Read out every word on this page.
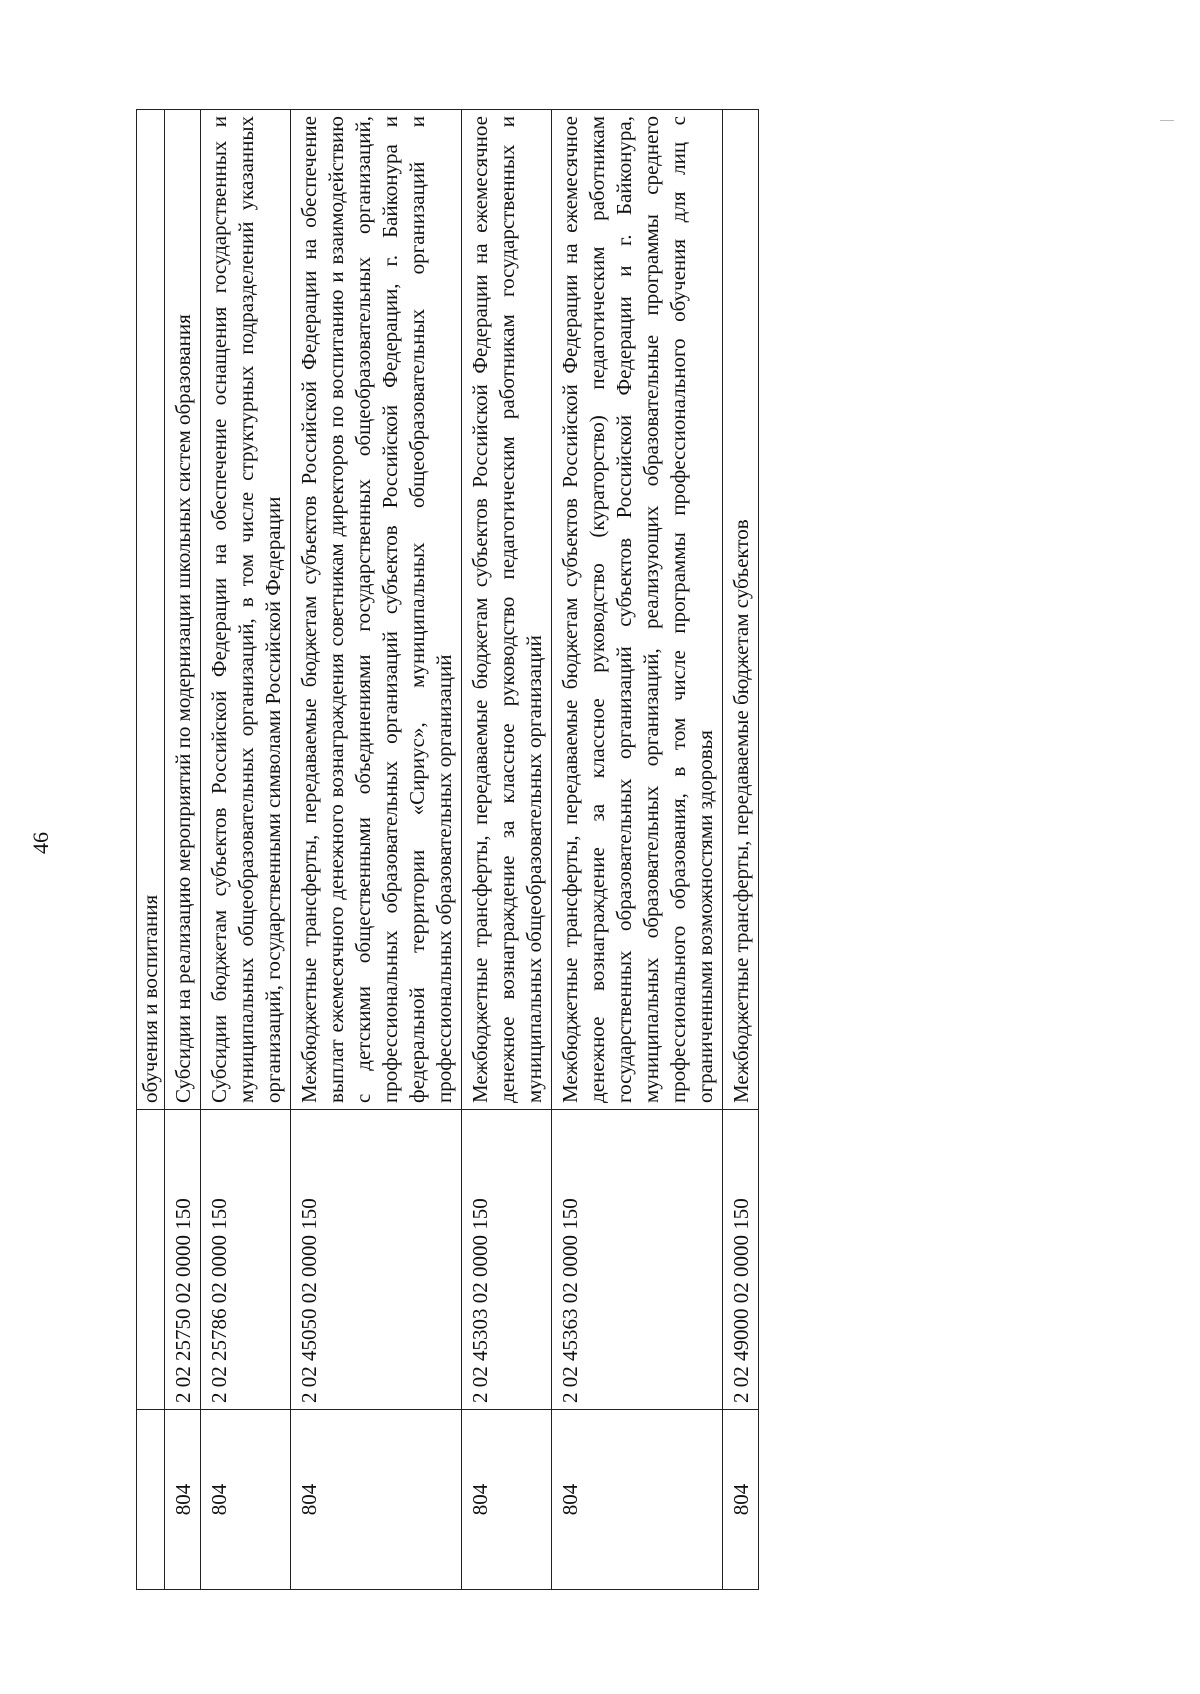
46
		обучения и воспитания
804	2 02 25750 02 0000 150	Субсидии на реализацию мероприятий по модернизации школьных систем образования
804	2 02 25786 02 0000 150	Субсидии бюджетам субъектов Российской Федерации на обеспечение оснащения государственных и муниципальных общеобразовательных организаций, в том числе структурных подразделений указанных организаций, государственными символами Российской Федерации
804	2 02 45050 02 0000 150	Межбюджетные трансферты, передаваемые бюджетам субъектов Российской Федерации на обеспечение выплат ежемесячного денежного вознаграждения советникам директоров по воспитанию и взаимодействию с детскими общественными объединениями государственных общеобразовательных организаций, профессиональных образовательных организаций субъектов Российской Федерации, г. Байконура и федеральной территории «Сириус», муниципальных общеобразовательных организаций и профессиональных образовательных организаций
804	2 02 45303 02 0000 150	Межбюджетные трансферты, передаваемые бюджетам субъектов Российской Федерации на ежемесячное денежное вознаграждение за классное руководство педагогическим работникам государственных и муниципальных общеобразовательных организаций
804	2 02 45363 02 0000 150	Межбюджетные трансферты, передаваемые бюджетам субъектов Российской Федерации на ежемесячное денежное вознаграждение за классное руководство (кураторство) педагогическим работникам государственных образовательных организаций субъектов Российской Федерации и г. Байконура, муниципальных образовательных организаций, реализующих образовательные программы среднего профессионального образования, в том числе программы профессионального обучения для лиц с ограниченными возможностями здоровья
804	2 02 49000 02 0000 150	Межбюджетные трансферты, передаваемые бюджетам субъектов
